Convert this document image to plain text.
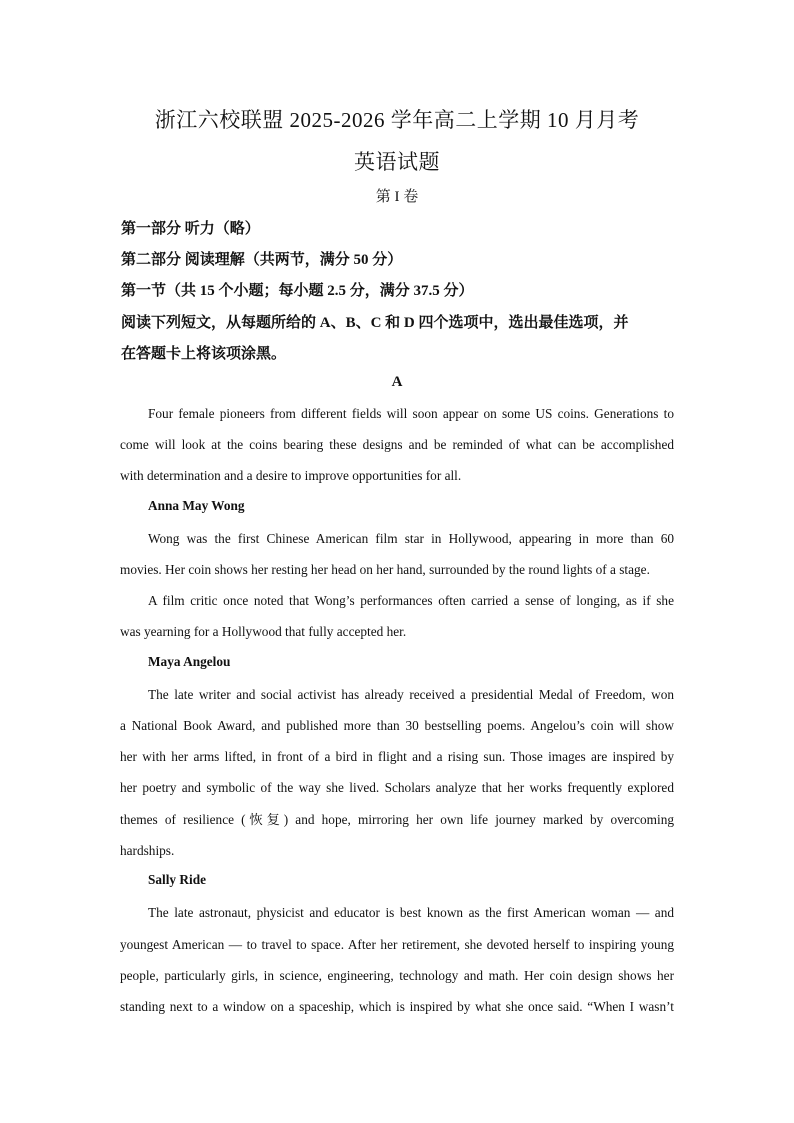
浙江六校联盟 2025-2026 学年高二上学期 10 月月考
英语试题
第 I 卷
第一部分 听力（略）
第二部分 阅读理解（共两节，满分 50 分）
第一节（共 15 个小题；每小题 2.5 分，满分 37.5 分）
阅读下列短文，从每题所给的 A、B、C 和 D 四个选项中，选出最佳选项，并
在答题卡上将该项涂黑。
A
Four female pioneers from different fields will soon appear on some US coins. Generations to
come will look at the coins bearing these designs and be reminded of what can be accomplished
with determination and a desire to improve opportunities for all.
Anna May Wong
Wong was the first Chinese American film star in Hollywood, appearing in more than 60
movies. Her coin shows her resting her head on her hand, surrounded by the round lights of a stage.
A film critic once noted that Wong’s performances often carried a sense of longing, as if she
was yearning for a Hollywood that fully accepted her.
Maya Angelou
The late writer and social activist has already received a presidential Medal of Freedom, won
a National Book Award, and published more than 30 bestselling poems. Angelou’s coin will show
her with her arms lifted, in front of a bird in flight and a rising sun. Those images are inspired by
her poetry and symbolic of the way she lived. Scholars analyze that her works frequently explored
themes of resilience (恢复) and hope, mirroring her own life journey marked by overcoming
hardships.
Sally Ride
The late astronaut, physicist and educator is best known as the first American woman — and
youngest American — to travel to space. After her retirement, she devoted herself to inspiring young
people, particularly girls, in science, engineering, technology and math. Her coin design shows her
standing next to a window on a spaceship, which is inspired by what she once said. “When I wasn’t
